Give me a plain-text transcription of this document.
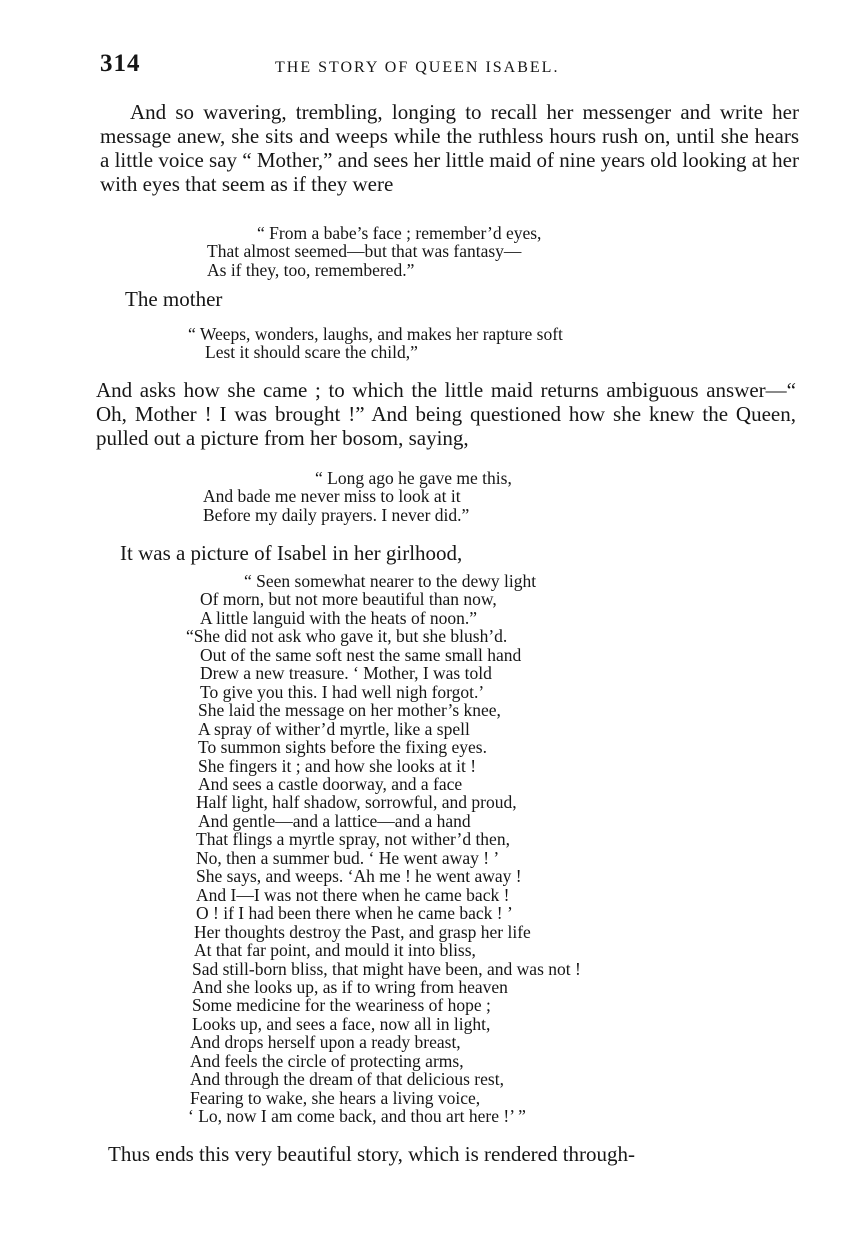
314	THE STORY OF QUEEN ISABEL.

And so wavering, trembling, longing to recall her messenger and write her message anew, she sits and weeps while the ruthless hours rush on, until she hears a little voice say “ Mother,” and sees her little maid of nine years old looking at her with eyes that seem as if they were

“ From a babe’s face ; remember’d eyes,
That almost seemed—but that was fantasy—
As if they, too, remembered.”

The mother

“ Weeps, wonders, laughs, and makes her rapture soft
Lest it should scare the child,”

And asks how she came ; to which the little maid returns ambiguous answer—“ Oh, Mother ! I was brought !” And being questioned how she knew the Queen, pulled out a picture from her bosom, saying,

“ Long ago he gave me this,
And bade me never miss to look at it
Before my daily prayers. I never did.”

It was a picture of Isabel in her girlhood,

“ Seen somewhat nearer to the dewy light
Of morn, but not more beautiful than now,
A little languid with the heats of noon.”
“She did not ask who gave it, but she blush’d.
Out of the same soft nest the same small hand
Drew a new treasure. ‘ Mother, I was told
To give you this. I had well nigh forgot.’
She laid the message on her mother’s knee,
A spray of wither’d myrtle, like a spell
To summon sights before the fixing eyes.
She fingers it ; and how she looks at it !
And sees a castle doorway, and a face
Half light, half shadow, sorrowful, and proud,
And gentle—and a lattice—and a hand
That flings a myrtle spray, not wither’d then,
No, then a summer bud. ‘ He went away ! ’
She says, and weeps. ‘Ah me ! he went away !
And I—I was not there when he came back !
O ! if I had been there when he came back ! ’
Her thoughts destroy the Past, and grasp her life
At that far point, and mould it into bliss,
Sad still-born bliss, that might have been, and was not !
And she looks up, as if to wring from heaven
Some medicine for the weariness of hope ;
Looks up, and sees a face, now all in light,
And drops herself upon a ready breast,
And feels the circle of protecting arms,
And through the dream of that delicious rest,
Fearing to wake, she hears a living voice,
‘ Lo, now I am come back, and thou art here !’ ”

Thus ends this very beautiful story, which is rendered through-
